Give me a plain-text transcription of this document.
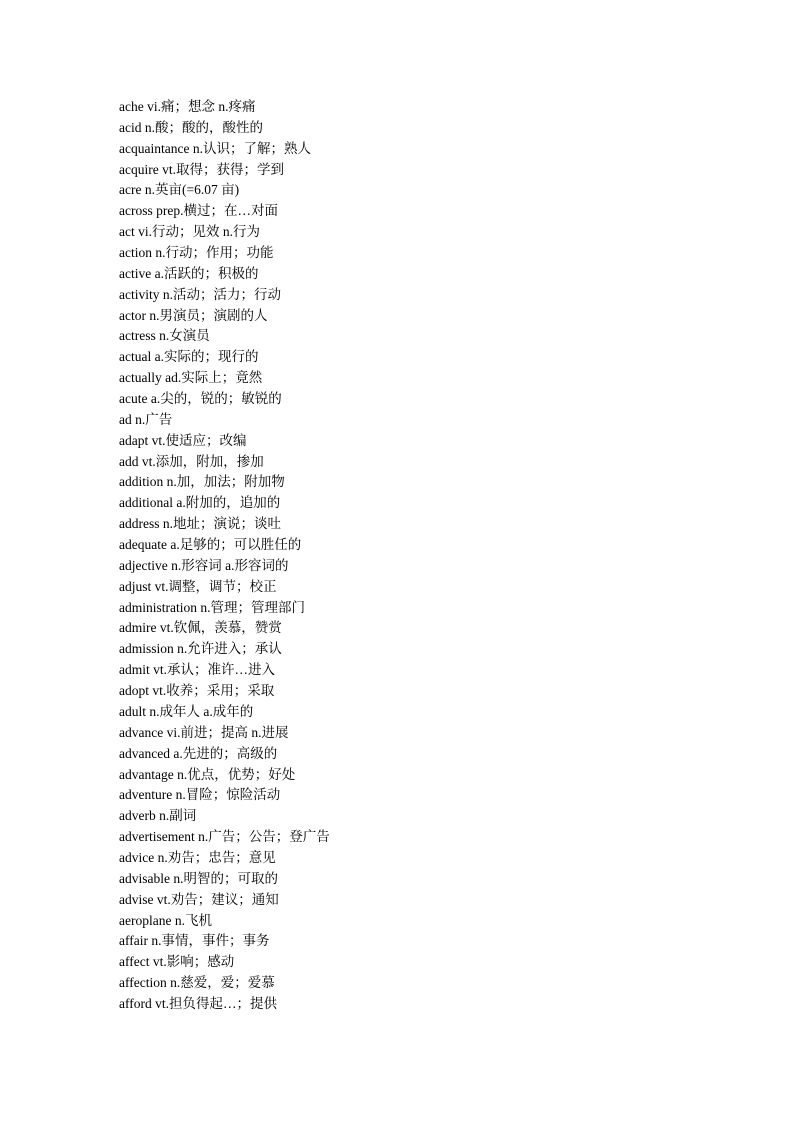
ache vi.痛；想念 n.疼痛
acid n.酸；酸的，酸性的
acquaintance n.认识；了解；熟人
acquire vt.取得；获得；学到
acre n.英亩(=6.07 亩)
across prep.横过；在…对面
act vi.行动；见效 n.行为
action n.行动；作用；功能
active a.活跃的；积极的
activity n.活动；活力；行动
actor n.男演员；演剧的人
actress n.女演员
actual a.实际的；现行的
actually ad.实际上；竟然
acute a.尖的，锐的；敏锐的
ad n.广告
adapt vt.使适应；改编
add vt.添加，附加，掺加
addition n.加，加法；附加物
additional a.附加的，追加的
address n.地址；演说；谈吐
adequate a.足够的；可以胜任的
adjective n.形容词 a.形容词的
adjust vt.调整，调节；校正
administration n.管理；管理部门
admire vt.钦佩，羡慕，赞赏
admission n.允许进入；承认
admit vt.承认；准许…进入
adopt vt.收养；采用；采取
adult n.成年人 a.成年的
advance vi.前进；提高 n.进展
advanced a.先进的；高级的
advantage n.优点，优势；好处
adventure n.冒险；惊险活动
adverb n.副词
advertisement n.广告；公告；登广告
advice n.劝告；忠告；意见
advisable n.明智的；可取的
advise vt.劝告；建议；通知
aeroplane n.飞机
affair n.事情，事件；事务
affect vt.影响；感动
affection n.慈爱，爱；爱慕
afford vt.担负得起…；提供
